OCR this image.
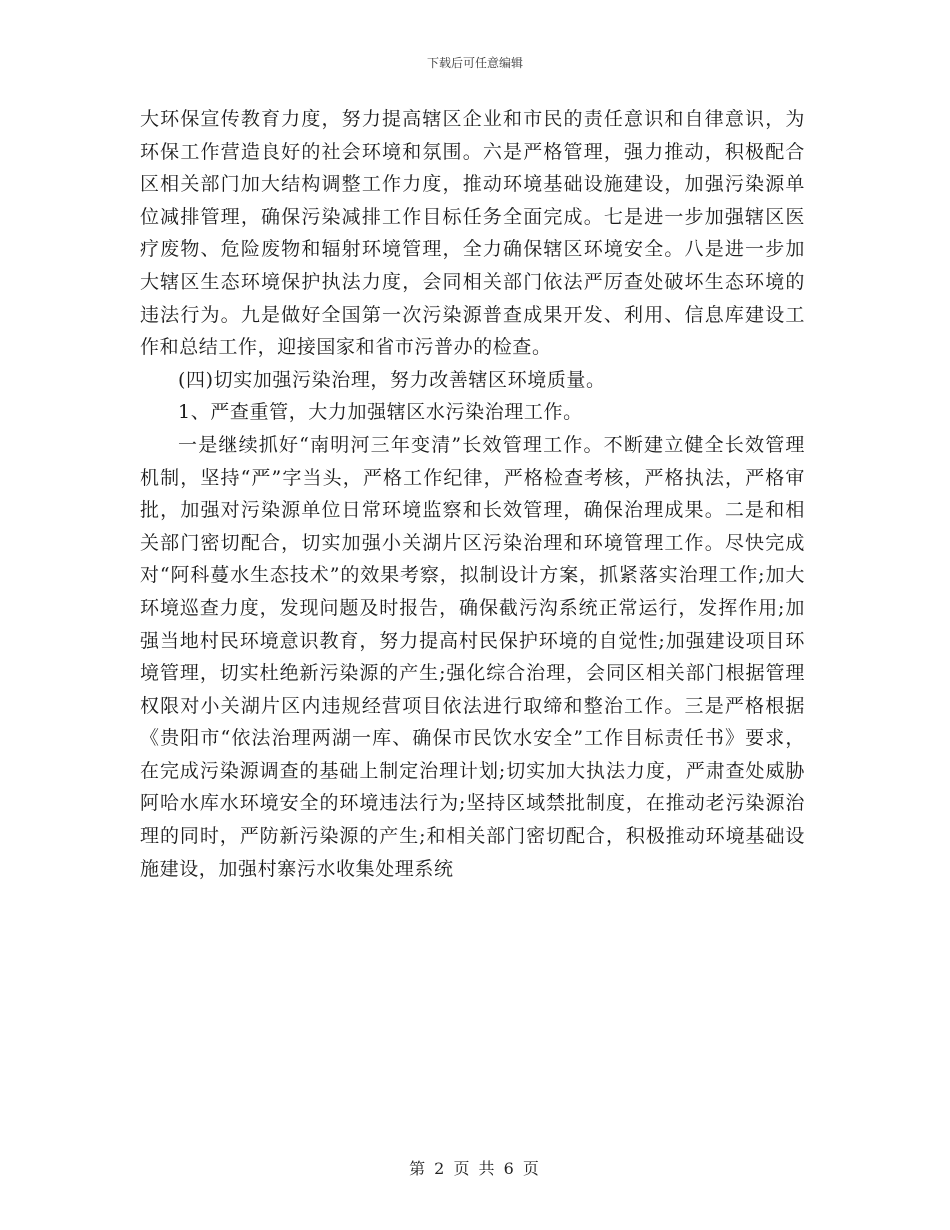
下载后可任意编辑

大环保宣传教育力度，努力提高辖区企业和市民的责任意识和自律意识，为环保工作营造良好的社会环境和氛围。六是严格管理，强力推动，积极配合区相关部门加大结构调整工作力度，推动环境基础设施建设，加强污染源单位减排管理，确保污染减排工作目标任务全面完成。七是进一步加强辖区医疗废物、危险废物和辐射环境管理，全力确保辖区环境安全。八是进一步加大辖区生态环境保护执法力度，会同相关部门依法严厉查处破坏生态环境的违法行为。九是做好全国第一次污染源普查成果开发、利用、信息库建设工作和总结工作，迎接国家和省市污普办的检查。

(四)切实加强污染治理，努力改善辖区环境质量。

1、严查重管，大力加强辖区水污染治理工作。

一是继续抓好“南明河三年变清”长效管理工作。不断建立健全长效管理机制，坚持“严”字当头，严格工作纪律，严格检查考核，严格执法，严格审批，加强对污染源单位日常环境监察和长效管理，确保治理成果。二是和相关部门密切配合，切实加强小关湖片区污染治理和环境管理工作。尽快完成对“阿科蔓水生态技术”的效果考察，拟制设计方案，抓紧落实治理工作;加大环境巡查力度，发现问题及时报告，确保截污沟系统正常运行，发挥作用;加强当地村民环境意识教育，努力提高村民保护环境的自觉性;加强建设项目环境管理，切实杜绝新污染源的产生;强化综合治理，会同区相关部门根据管理权限对小关湖片区内违规经营项目依法进行取缔和整治工作。三是严格根据《贵阳市“依法治理两湖一库、确保市民饮水安全”工作目标责任书》要求，在完成污染源调查的基础上制定治理计划;切实加大执法力度，严肃查处威胁阿哈水库水环境安全的环境违法行为;坚持区域禁批制度，在推动老污染源治理的同时，严防新污染源的产生;和相关部门密切配合，积极推动环境基础设施建设，加强村寨污水收集处理系统

第 2 页 共 6 页
